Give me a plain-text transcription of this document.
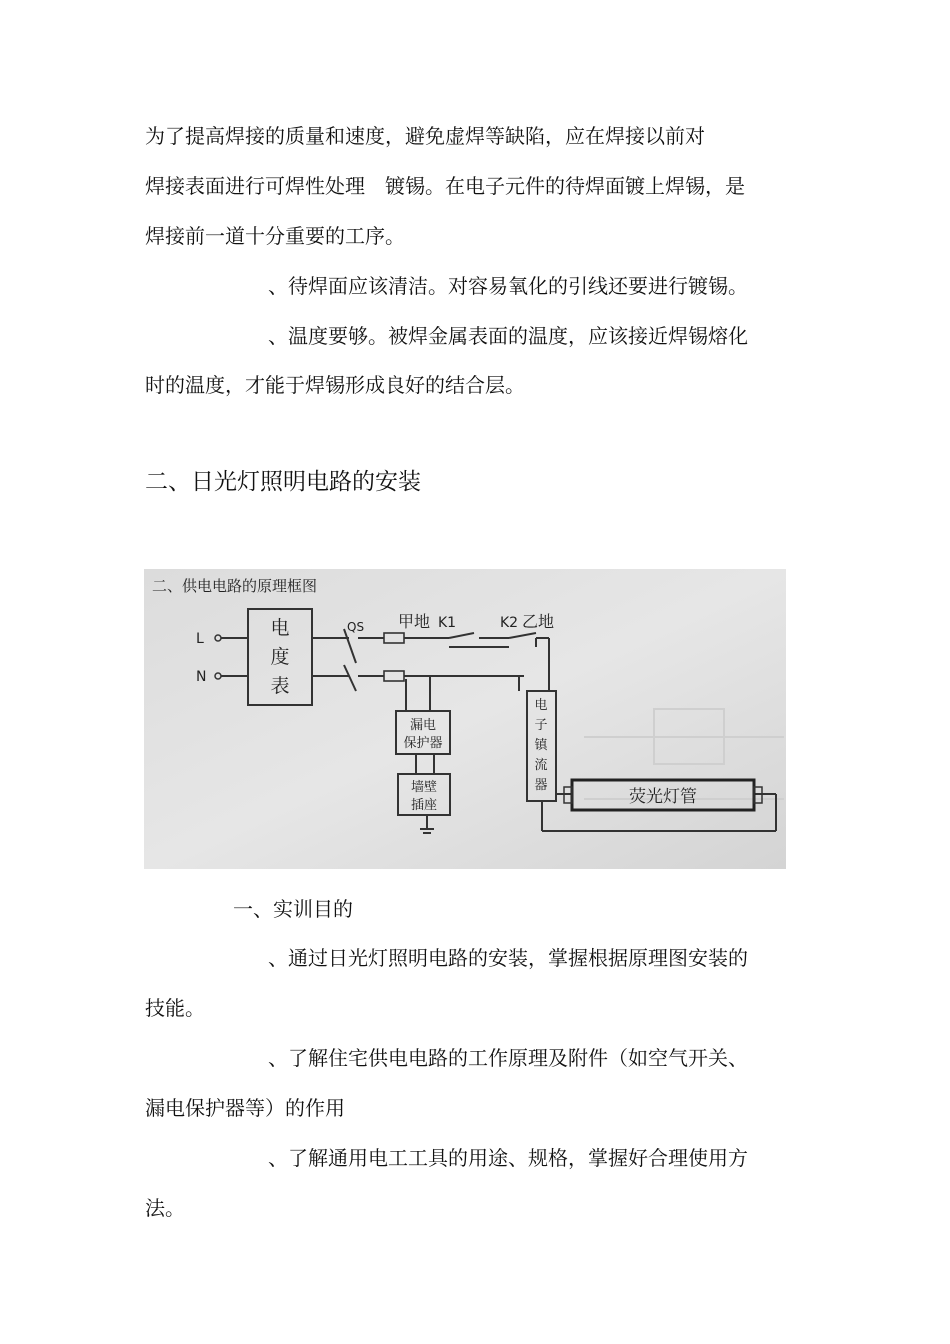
为了提高焊接的质量和速度，避免虚焊等缺陷，应在焊接以前对
焊接表面进行可焊性处理　镀锡。在电子元件的待焊面镀上焊锡，是
焊接前一道十分重要的工序。
、待焊面应该清洁。对容易氧化的引线还要进行镀锡。
、温度要够。被焊金属表面的温度，应该接近焊锡熔化
时的温度，才能于焊锡形成良好的结合层。
二、日光灯照明电路的安装
二、供电电路的原理框图
L
N
电
度
表
QS 甲地 K1	K2 乙地
漏电
保护器
墙壁
插座
电
子
镇
流
器
荧光灯管
一、实训目的
、通过日光灯照明电路的安装，掌握根据原理图安装的
技能。
、了解住宅供电电路的工作原理及附件（如空气开关、
漏电保护器等）的作用
、了解通用电工工具的用途、规格，掌握好合理使用方
法。
